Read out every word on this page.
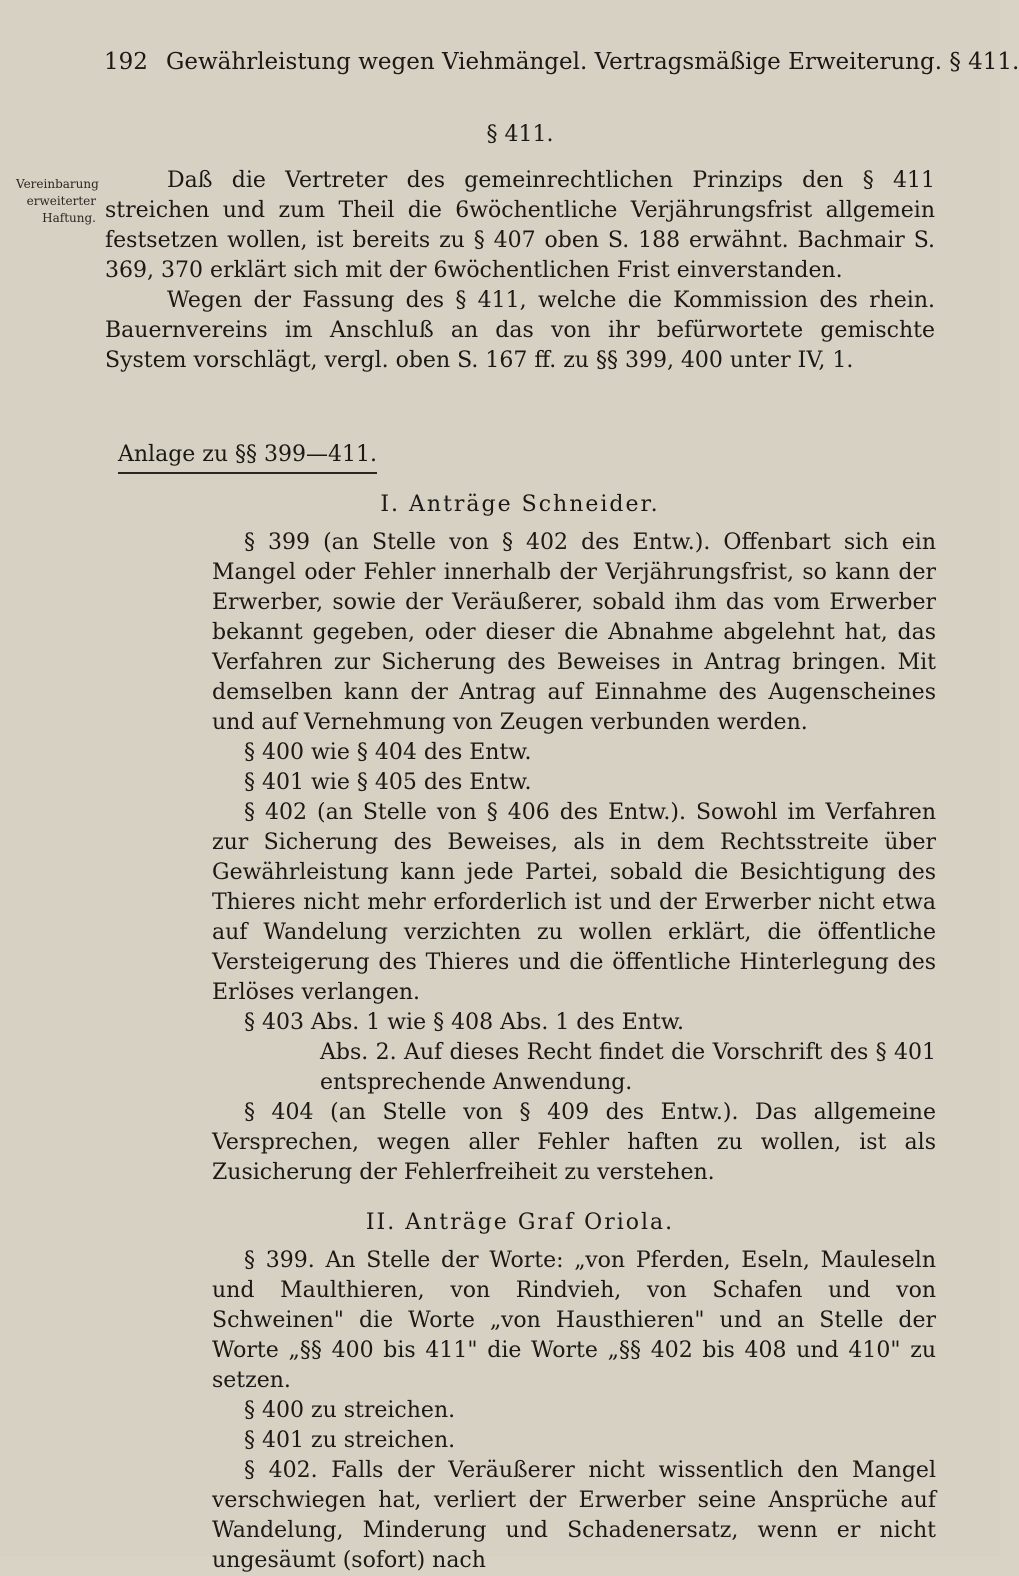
192 Gewährleistung wegen Viehmängel. Vertragsmäßige Erweiterung. § 411.
Vereinbarung erweiterter Haftung.
§ 411.
Daß die Vertreter des gemeinrechtlichen Prinzips den § 411 streichen und zum Theil die 6wöchentliche Verjährungsfrist allgemein festsetzen wollen, ist bereits zu § 407 oben S. 188 erwähnt. Bachmair S. 369, 370 erklärt sich mit der 6wöchentlichen Frist einverstanden.
Wegen der Fassung des § 411, welche die Kommission des rhein. Bauernvereins im Anschluß an das von ihr befürwortete gemischte System vorschlägt, vergl. oben S. 167 ff. zu §§ 399, 400 unter IV, 1.
Anlage zu §§ 399—411.
I. Anträge Schneider.

§ 399 (an Stelle von § 402 des Entw.). Offenbart sich ein Mangel oder Fehler innerhalb der Verjährungsfrist, so kann der Erwerber, sowie der Veräußerer, sobald ihm das vom Erwerber bekannt gegeben, oder dieser die Abnahme abgelehnt hat, das Verfahren zur Sicherung des Beweises in Antrag bringen. Mit demselben kann der Antrag auf Einnahme des Augenscheines und auf Vernehmung von Zeugen verbunden werden.

§ 400 wie § 404 des Entw.

§ 401 wie § 405 des Entw.

§ 402 (an Stelle von § 406 des Entw.). Sowohl im Verfahren zur Sicherung des Beweises, als in dem Rechtsstreite über Gewährleistung kann jede Partei, sobald die Besichtigung des Thieres nicht mehr erforderlich ist und der Erwerber nicht etwa auf Wandelung verzichten zu wollen erklärt, die öffentliche Versteigerung des Thieres und die öffentliche Hinterlegung des Erlöses verlangen.

§ 403 Abs. 1 wie § 408 Abs. 1 des Entw.

Abs. 2. Auf dieses Recht findet die Vorschrift des § 401 entsprechende Anwendung.

§ 404 (an Stelle von § 409 des Entw.). Das allgemeine Versprechen, wegen aller Fehler haften zu wollen, ist als Zusicherung der Fehlerfreiheit zu verstehen.

II. Anträge Graf Oriola.

§ 399. An Stelle der Worte: „von Pferden, Eseln, Mauleseln und Maulthieren, von Rindvieh, von Schafen und von Schweinen" die Worte „von Hausthieren" und an Stelle der Worte „§§ 400 bis 411" die Worte „§§ 402 bis 408 und 410" zu setzen.

§ 400 zu streichen.

§ 401 zu streichen.

§ 402. Falls der Veräußerer nicht wissentlich den Mangel verschwiegen hat, verliert der Erwerber seine Ansprüche auf Wandelung, Minderung und Schadenersatz, wenn er nicht ungesäumt (sofort) nach
